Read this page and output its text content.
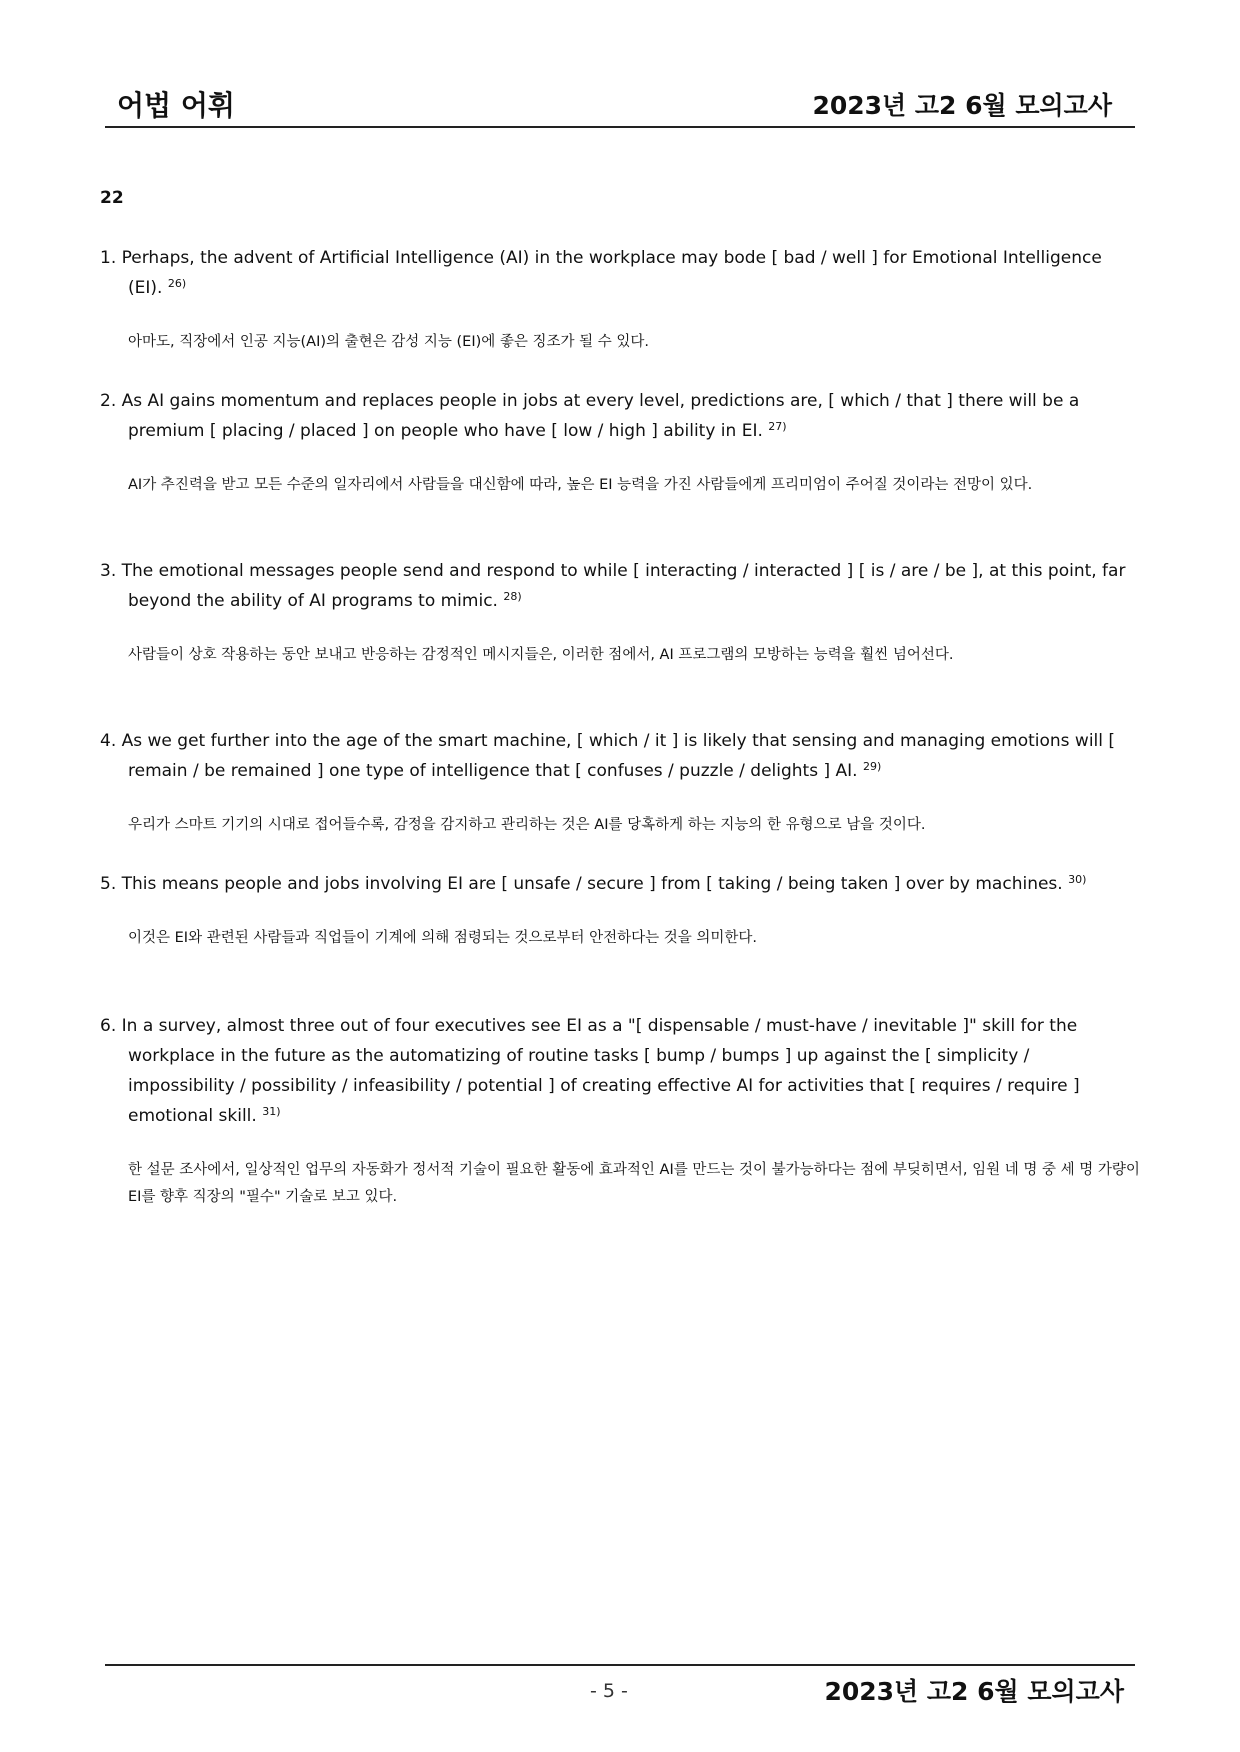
어법 어휘	2023년 고2 6월 모의고사
22
1. Perhaps, the advent of Artificial Intelligence (AI) in the workplace may bode [ bad / well ] for Emotional Intelligence (EI). $^{26)}$
아마도, 직장에서 인공 지능(AI)의 출현은 감성 지능 (EI)에 좋은 징조가 될 수 있다.
2. As AI gains momentum and replaces people in jobs at every level, predictions are, [ which / that ] there will be a premium [ placing / placed ] on people who have [ low / high ] ability in EI. $^{27)}$
AI가 추진력을 받고 모든 수준의 일자리에서 사람들을 대신함에 따라, 높은 EI 능력을 가진 사람들에게 프리미엄이 주어질 것이라는 전망이 있다.
3. The emotional messages people send and respond to while [ interacting / interacted ] [ is / are / be ], at this point, far beyond the ability of AI programs to mimic. $^{28)}$
사람들이 상호 작용하는 동안 보내고 반응하는 감정적인 메시지들은, 이러한 점에서, AI 프로그램의 모방하는 능력을 훨씬 넘어선다.
4. As we get further into the age of the smart machine, [ which / it ] is likely that sensing and managing emotions will [ remain / be remained ] one type of intelligence that [ confuses / puzzle / delights ] AI. $^{29)}$
우리가 스마트 기기의 시대로 접어들수록, 감정을 감지하고 관리하는 것은 AI를 당혹하게 하는 지능의 한 유형으로 남을 것이다.
5. This means people and jobs involving EI are [ unsafe / secure ] from [ taking / being taken ] over by machines. $^{30)}$
이것은 EI와 관련된 사람들과 직업들이 기계에 의해 점령되는 것으로부터 안전하다는 것을 의미한다.
6. In a survey, almost three out of four executives see EI as a "[ dispensable / must-have / inevitable ]" skill for the workplace in the future as the automatizing of routine tasks [ bump / bumps ] up against the [ simplicity / impossibility / possibility / infeasibility / potential ] of creating effective AI for activities that [ requires / require ] emotional skill. $^{31)}$
한 설문 조사에서, 일상적인 업무의 자동화가 정서적 기술이 필요한 활동에 효과적인 AI를 만드는 것이 불가능하다는 점에 부딪히면서, 임원 네 명 중 세 명 가량이 EI를 향후 직장의 "필수" 기술로 보고 있다.
- 5 -	2023년 고2 6월 모의고사
